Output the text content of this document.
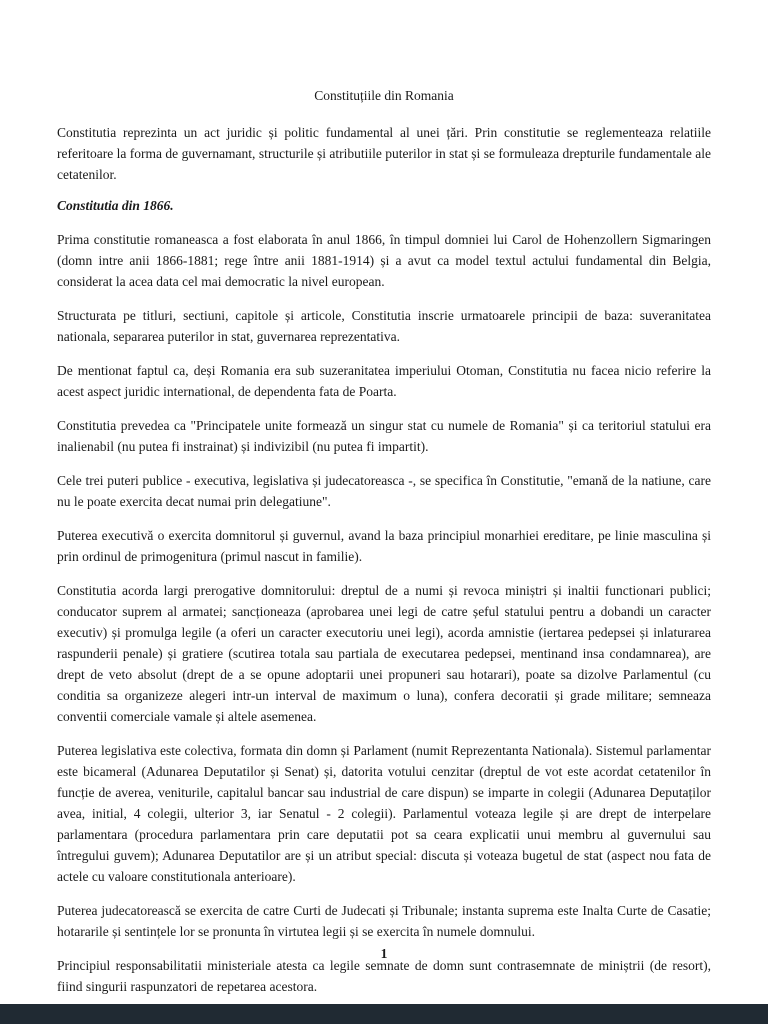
Constituțiile din Romania

Constitutia reprezinta un act juridic și politic fundamental al unei țări. Prin constitutie se reglementeaza relatiile referitoare la forma de guvernamant, structurile și atributiile puterilor in stat și se formuleaza drepturile fundamentale ale cetatenilor.

Constitutia din 1866.

Prima constitutie romaneasca a fost elaborata în anul 1866, în timpul domniei lui Carol de Hohenzollern Sigmaringen (domn intre anii 1866-1881; rege între anii 1881-1914) și a avut ca model textul actului fundamental din Belgia, considerat la acea data cel mai democratic la nivel european.

Structurata pe titluri, sectiuni, capitole și articole, Constitutia inscrie urmatoarele principii de baza: suveranitatea nationala, separarea puterilor in stat, guvernarea reprezentativa.

De mentionat faptul ca, deși Romania era sub suzeranitatea imperiului Otoman, Constitutia nu facea nicio referire la acest aspect juridic international, de dependenta fata de Poarta.

Constitutia prevedea ca "Principatele unite formează un singur stat cu numele de Romania" și ca teritoriul statului era inalienabil (nu putea fi instrainat) și indivizibil (nu putea fi impartit).

Cele trei puteri publice - executiva, legislativa și judecatoreasca -, se specifica în Constitutie, "emană de la natiune, care nu le poate exercita decat numai prin delegatiune".

Puterea executivă o exercita domnitorul și guvernul, avand la baza principiul monarhiei ereditare, pe linie masculina și prin ordinul de primogenitura (primul nascut in familie).

Constitutia acorda largi prerogative domnitorului: dreptul de a numi și revoca miniștri și inaltii functionari publici; conducator suprem al armatei; sancționeaza (aprobarea unei legi de catre șeful statului pentru a dobandi un caracter executiv) și promulga legile (a oferi un caracter executoriu unei legi), acorda amnistie (iertarea pedepsei și inlaturarea raspunderii penale) și gratiere (scutirea totala sau partiala de executarea pedepsei, mentinand insa condamnarea), are drept de veto absolut (drept de a se opune adoptarii unei propuneri sau hotarari), poate sa dizolve Parlamentul (cu conditia sa organizeze alegeri intr-un interval de maximum o luna), confera decoratii și grade militare; semneaza conventii comerciale vamale și altele asemenea.

Puterea legislativa este colectiva, formata din domn și Parlament (numit Reprezentanta Nationala). Sistemul parlamentar este bicameral (Adunarea Deputatilor și Senat) și, datorita votului cenzitar (dreptul de vot este acordat cetatenilor în funcție de averea, veniturile, capitalul bancar sau industrial de care dispun) se imparte in colegii (Adunarea Deputaților avea, initial, 4 colegii, ulterior 3, iar Senatul - 2 colegii). Parlamentul voteaza legile și are drept de interpelare parlamentara (procedura parlamentara prin care deputatii pot sa ceara explicatii unui membru al guvernului sau întregului guvem); Adunarea Deputatilor are și un atribut special: discuta și voteaza bugetul de stat (aspect nou fata de actele cu valoare constitutionala anterioare).

Puterea judecatorească se exercita de catre Curti de Judecati și Tribunale; instanta suprema este Inalta Curte de Casatie; hotararile și sentințele lor se pronunta în virtutea legii și se exercita în numele domnului.

Principiul responsabilitatii ministeriale atesta ca legile semnate de domn sunt contrasemnate de miniștrii (de resort), fiind singurii raspunzatori de repetarea acestora.

1
